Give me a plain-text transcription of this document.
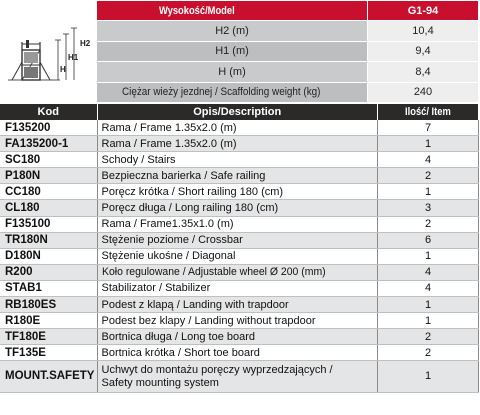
H2
H1
H
Wysokość/Model	G1-94
H2 (m)	10,4
H1 (m)	9,4
H (m)	8,4
Ciężar wieży jezdnej / Scaffolding weight (kg)	240
Kod	Opis/Description	Ilość/ Item
F135200	Rama / Frame 1.35x2.0 (m)	7
FA135200-1	Rama / Frame 1.35x2.0 (m)	1
SC180	Schody / Stairs	4
P180N	Bezpieczna barierka / Safe railing	2
CC180	Poręcz krótka / Short railing 180 (cm)	1
CL180	Poręcz długa / Long railing 180 (cm)	3
F135100	Rama / Frame1.35x1.0 (m)	2
TR180N	Stężenie poziome / Crossbar	6
D180N	Stężenie ukośne / Diagonal	1
R200	Koło regulowane / Adjustable wheel Ø 200 (mm)	4
STAB1	Stabilizator / Stabilizer	4
RB180ES	Podest z klapą / Landing with trapdoor	1
R180E	Podest bez klapy / Landing without trapdoor	1
TF180E	Bortnica długa / Long toe board	2
TF135E	Bortnica krótka / Short toe board	2
MOUNT.SAFETY	Uchwyt do montażu poręczy wyprzedzających /
Safety mounting system	1
